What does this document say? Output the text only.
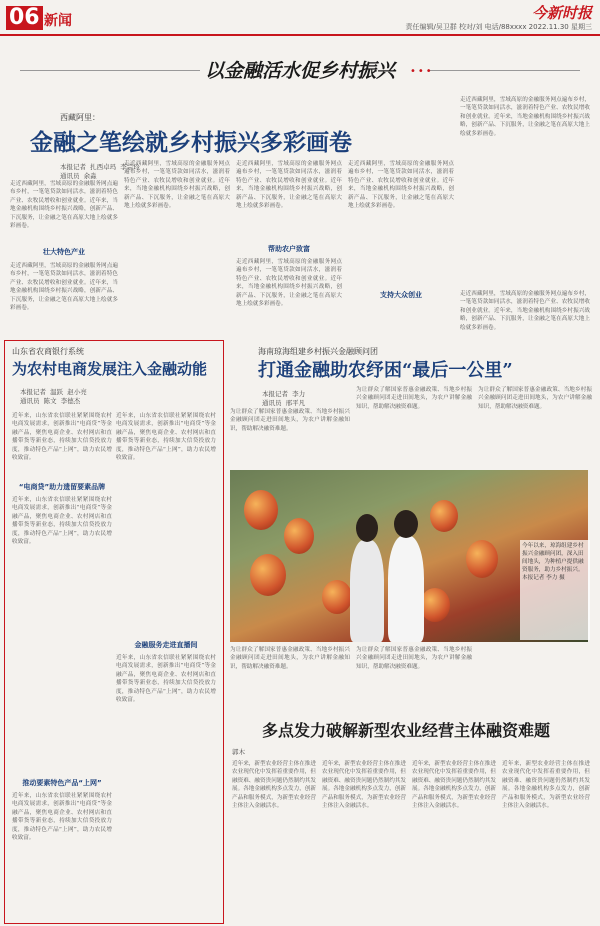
06 新闻	今新时报
责任编辑/吴卫群 校对/刘 电话/88xxxx 2022.11.30 星期三
•••
以金融活水促乡村振兴
西藏阿里：
金融之笔绘就乡村振兴多彩画卷
本报记者  扎西卓玛  李宗玲
通讯员  余淼
走近西藏阿里，雪域高原的金融服务网点遍布乡村，一笔笔贷款如同活水，滋润着特色产业、农牧民增收和创业就业。近年来，当地金融机构围绕乡村振兴战略，创新产品、下沉服务，让金融之笔在高原大地上绘就多彩画卷。
壮大特色产业
走近西藏阿里，雪域高原的金融服务网点遍布乡村，一笔笔贷款如同活水，滋润着特色产业、农牧民增收和创业就业。近年来，当地金融机构围绕乡村振兴战略，创新产品、下沉服务，让金融之笔在高原大地上绘就多彩画卷。
走近西藏阿里，雪域高原的金融服务网点遍布乡村，一笔笔贷款如同活水，滋润着特色产业、农牧民增收和创业就业。近年来，当地金融机构围绕乡村振兴战略，创新产品、下沉服务，让金融之笔在高原大地上绘就多彩画卷。
走近西藏阿里，雪域高原的金融服务网点遍布乡村，一笔笔贷款如同活水，滋润着特色产业、农牧民增收和创业就业。近年来，当地金融机构围绕乡村振兴战略，创新产品、下沉服务，让金融之笔在高原大地上绘就多彩画卷。
帮助农户致富
走近西藏阿里，雪域高原的金融服务网点遍布乡村，一笔笔贷款如同活水，滋润着特色产业、农牧民增收和创业就业。近年来，当地金融机构围绕乡村振兴战略，创新产品、下沉服务，让金融之笔在高原大地上绘就多彩画卷。
走近西藏阿里，雪域高原的金融服务网点遍布乡村，一笔笔贷款如同活水，滋润着特色产业、农牧民增收和创业就业。近年来，当地金融机构围绕乡村振兴战略，创新产品、下沉服务，让金融之笔在高原大地上绘就多彩画卷。
走近西藏阿里，雪域高原的金融服务网点遍布乡村，一笔笔贷款如同活水，滋润着特色产业、农牧民增收和创业就业。近年来，当地金融机构围绕乡村振兴战略，创新产品、下沉服务，让金融之笔在高原大地上绘就多彩画卷。
支持大众创业	走近西藏阿里，雪域高原的金融服务网点遍布乡村，一笔笔贷款如同活水，滋润着特色产业、农牧民增收和创业就业。近年来，当地金融机构围绕乡村振兴战略，创新产品、下沉服务，让金融之笔在高原大地上绘就多彩画卷。
山东省农商银行系统
为农村电商发展注入金融动能
本报记者  温跃  赵小亮
通讯员  陈文  李德杰
近年来，山东省农信联社紧紧围绕农村电商发展需求，创新推出“电商贷”等金融产品，聚焦电商企业、农村网店和直播带货等新业态，持续加大信贷投放力度，推动特色产品“上网”，助力农民增收致富。
“电商贷”助力遗留要素品牌
近年来，山东省农信联社紧紧围绕农村电商发展需求，创新推出“电商贷”等金融产品，聚焦电商企业、农村网店和直播带货等新业态，持续加大信贷投放力度，推动特色产品“上网”，助力农民增收致富。
推动要素特色产品“上网”
近年来，山东省农信联社紧紧围绕农村电商发展需求，创新推出“电商贷”等金融产品，聚焦电商企业、农村网店和直播带货等新业态，持续加大信贷投放力度，推动特色产品“上网”，助力农民增收致富。
近年来，山东省农信联社紧紧围绕农村电商发展需求，创新推出“电商贷”等金融产品，聚焦电商企业、农村网店和直播带货等新业态，持续加大信贷投放力度，推动特色产品“上网”，助力农民增收致富。
金融服务走进直播间
近年来，山东省农信联社紧紧围绕农村电商发展需求，创新推出“电商贷”等金融产品，聚焦电商企业、农村网店和直播带货等新业态，持续加大信贷投放力度，推动特色产品“上网”，助力农民增收致富。
海南琼海组建乡村振兴金融顾问团
打通金融助农纾困“最后一公里”
本报记者  李力
通讯员  邢平凡
为让群众了解国家普惠金融政策、当地乡村振兴金融顾问团走进田间地头，为农户讲解金融知识，帮助解决融资难题。
为让群众了解国家普惠金融政策、当地乡村振兴金融顾问团走进田间地头，为农户讲解金融知识，帮助解决融资难题。
为让群众了解国家普惠金融政策、当地乡村振兴金融顾问团走进田间地头，为农户讲解金融知识，帮助解决融资难题。
今年以来，琼海组建乡村振兴金融顾问团，深入田间地头，为种植户提供融资服务，助力乡村振兴。本报记者 李力 摄
为让群众了解国家普惠金融政策、当地乡村振兴金融顾问团走进田间地头，为农户讲解金融知识，帮助解决融资难题。
为让群众了解国家普惠金融政策、当地乡村振兴金融顾问团走进田间地头，为农户讲解金融知识，帮助解决融资难题。
多点发力破解新型农业经营主体融资难题
郭木
近年来，新型农业经营主体在推进农业现代化中发挥着重要作用，但融资难、融资贵问题仍然制约其发展。各地金融机构多点发力，创新产品和服务模式，为新型农业经营主体注入金融活水。
近年来，新型农业经营主体在推进农业现代化中发挥着重要作用，但融资难、融资贵问题仍然制约其发展。各地金融机构多点发力，创新产品和服务模式，为新型农业经营主体注入金融活水。
近年来，新型农业经营主体在推进农业现代化中发挥着重要作用，但融资难、融资贵问题仍然制约其发展。各地金融机构多点发力，创新产品和服务模式，为新型农业经营主体注入金融活水。
近年来，新型农业经营主体在推进农业现代化中发挥着重要作用，但融资难、融资贵问题仍然制约其发展。各地金融机构多点发力，创新产品和服务模式，为新型农业经营主体注入金融活水。
